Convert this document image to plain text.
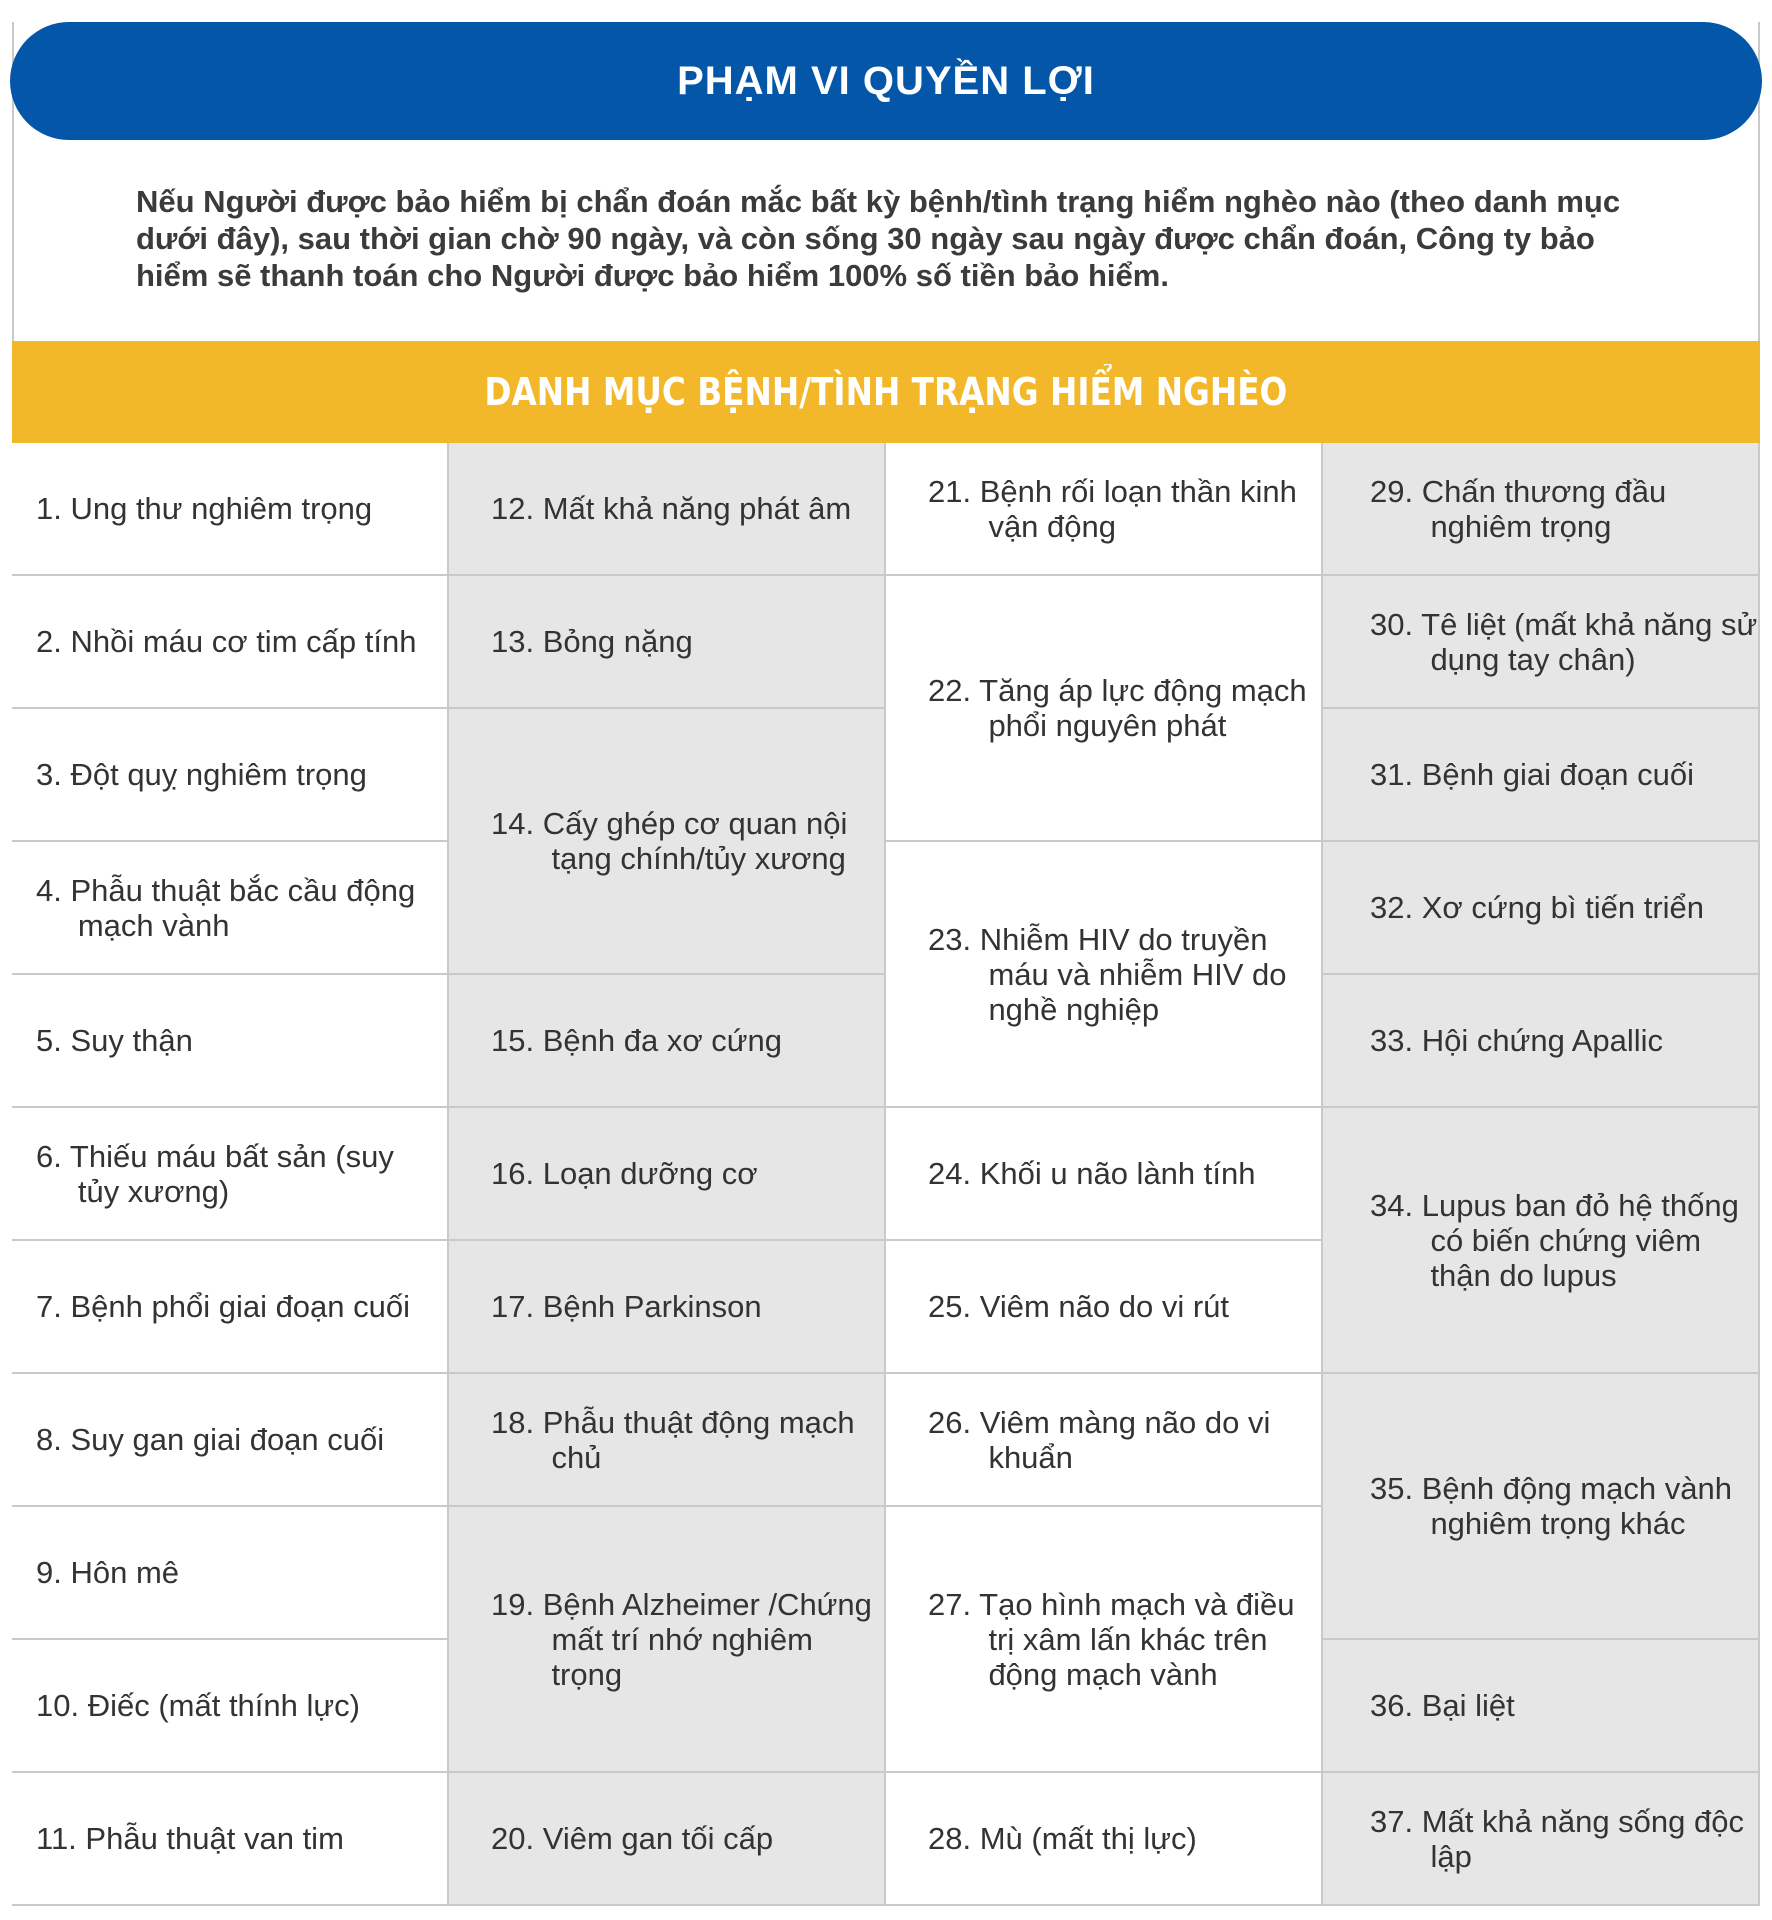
PHẠM VI QUYỀN LỢI
Nếu Người được bảo hiểm bị chẩn đoán mắc bất kỳ bệnh/tình trạng hiểm nghèo nào (theo danh mục dưới đây), sau thời gian chờ 90 ngày, và còn sống 30 ngày sau ngày được chẩn đoán, Công ty bảo hiểm sẽ thanh toán cho Người được bảo hiểm 100% số tiền bảo hiểm.
DANH MỤC BỆNH/TÌNH TRẠNG HIỂM NGHÈO
1. Ung thư nghiêm trọng
2. Nhồi máu cơ tim cấp tính
3. Đột quỵ nghiêm trọng
4. Phẫu thuật bắc cầu động mạch vành
5. Suy thận
6. Thiếu máu bất sản (suy tủy xương)
7. Bệnh phổi giai đoạn cuối
8. Suy gan giai đoạn cuối
9. Hôn mê
10. Điếc (mất thính lực)
11. Phẫu thuật van tim
12. Mất khả năng phát âm
13. Bỏng nặng
14. Cấy ghép cơ quan nội tạng chính/tủy xương
15. Bệnh đa xơ cứng
16. Loạn dưỡng cơ
17. Bệnh Parkinson
18. Phẫu thuật động mạch chủ
19. Bệnh Alzheimer /Chứng mất trí nhớ nghiêm trọng
20. Viêm gan tối cấp
21. Bệnh rối loạn thần kinh vận động
22. Tăng áp lực động mạch phổi nguyên phát
23. Nhiễm HIV do truyền máu và nhiễm HIV do nghề nghiệp
24. Khối u não lành tính
25. Viêm não do vi rút
26. Viêm màng não do vi khuẩn
27. Tạo hình mạch và điều trị xâm lấn khác trên động mạch vành
28. Mù (mất thị lực)
29. Chấn thương đầu nghiêm trọng
30. Tê liệt (mất khả năng sử dụng tay chân)
31. Bệnh giai đoạn cuối
32. Xơ cứng bì tiến triển
33. Hội chứng Apallic
34. Lupus ban đỏ hệ thống có biến chứng viêm thận do lupus
35. Bệnh động mạch vành nghiêm trọng khác
36. Bại liệt
37. Mất khả năng sống độc lập
